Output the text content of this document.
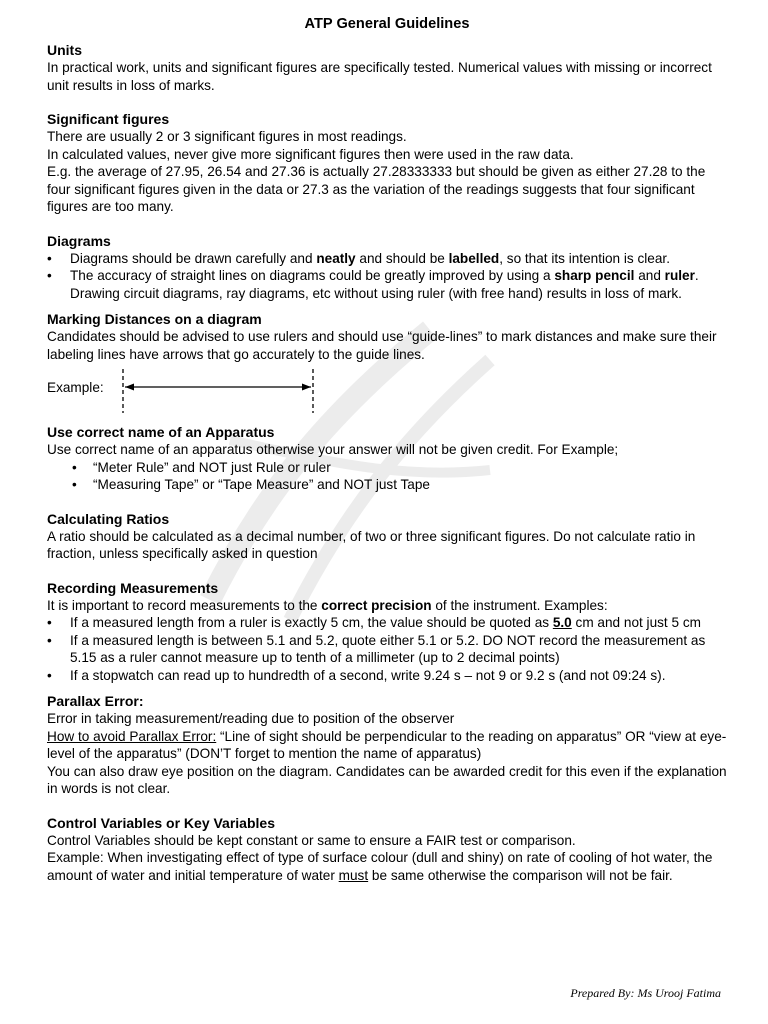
ATP General Guidelines
Units

In practical work, units and significant figures are specifically tested. Numerical values with missing or incorrect unit results in loss of marks.

Significant figures

There are usually 2 or 3 significant figures in most readings.

In calculated values, never give more significant figures then were used in the raw data.

E.g. the average of 27.95, 26.54 and 27.36 is actually 27.28333333 but should be given as either 27.28 to the four significant figures given in the data or 27.3 as the variation of the readings suggests that four significant figures are too many.

Diagrams
• Diagrams should be drawn carefully and neatly and should be labelled, so that its intention is clear.
• The accuracy of straight lines on diagrams could be greatly improved by using a sharp pencil and ruler. Drawing circuit diagrams, ray diagrams, etc without using ruler (with free hand) results in loss of mark.
Marking Distances on a diagram

Candidates should be advised to use rulers and should use “guide-lines” to mark distances and make sure their labeling lines have arrows that go accurately to the guide lines.

Example:
Use correct name of an Apparatus

Use correct name of an apparatus otherwise your answer will not be given credit. For Example;

• “Meter Rule” and NOT just Rule or ruler
• “Measuring Tape” or “Tape Measure” and NOT just Tape
Calculating Ratios

A ratio should be calculated as a decimal number, of two or three significant figures. Do not calculate ratio in fraction, unless specifically asked in question

Recording Measurements

It is important to record measurements to the correct precision of the instrument. Examples:

• If a measured length from a ruler is exactly 5 cm, the value should be quoted as 5.0 cm and not just 5 cm
• If a measured length is between 5.1 and 5.2, quote either 5.1 or 5.2. DO NOT record the measurement as 5.15 as a ruler cannot measure up to tenth of a millimeter (up to 2 decimal points)
• If a stopwatch can read up to hundredth of a second, write 9.24 s – not 9 or 9.2 s (and not 09:24 s).
Parallax Error:

Error in taking measurement/reading due to position of the observer

How to avoid Parallax Error: “Line of sight should be perpendicular to the reading on apparatus” OR “view at eye-level of the apparatus” (DON’T forget to mention the name of apparatus)

You can also draw eye position on the diagram. Candidates can be awarded credit for this even if the explanation in words is not clear.

Control Variables or Key Variables

Control Variables should be kept constant or same to ensure a FAIR test or comparison.

Example: When investigating effect of type of surface colour (dull and shiny) on rate of cooling of hot water, the amount of water and initial temperature of water must be same otherwise the comparison will not be fair.

Prepared By: Ms Urooj Fatima
